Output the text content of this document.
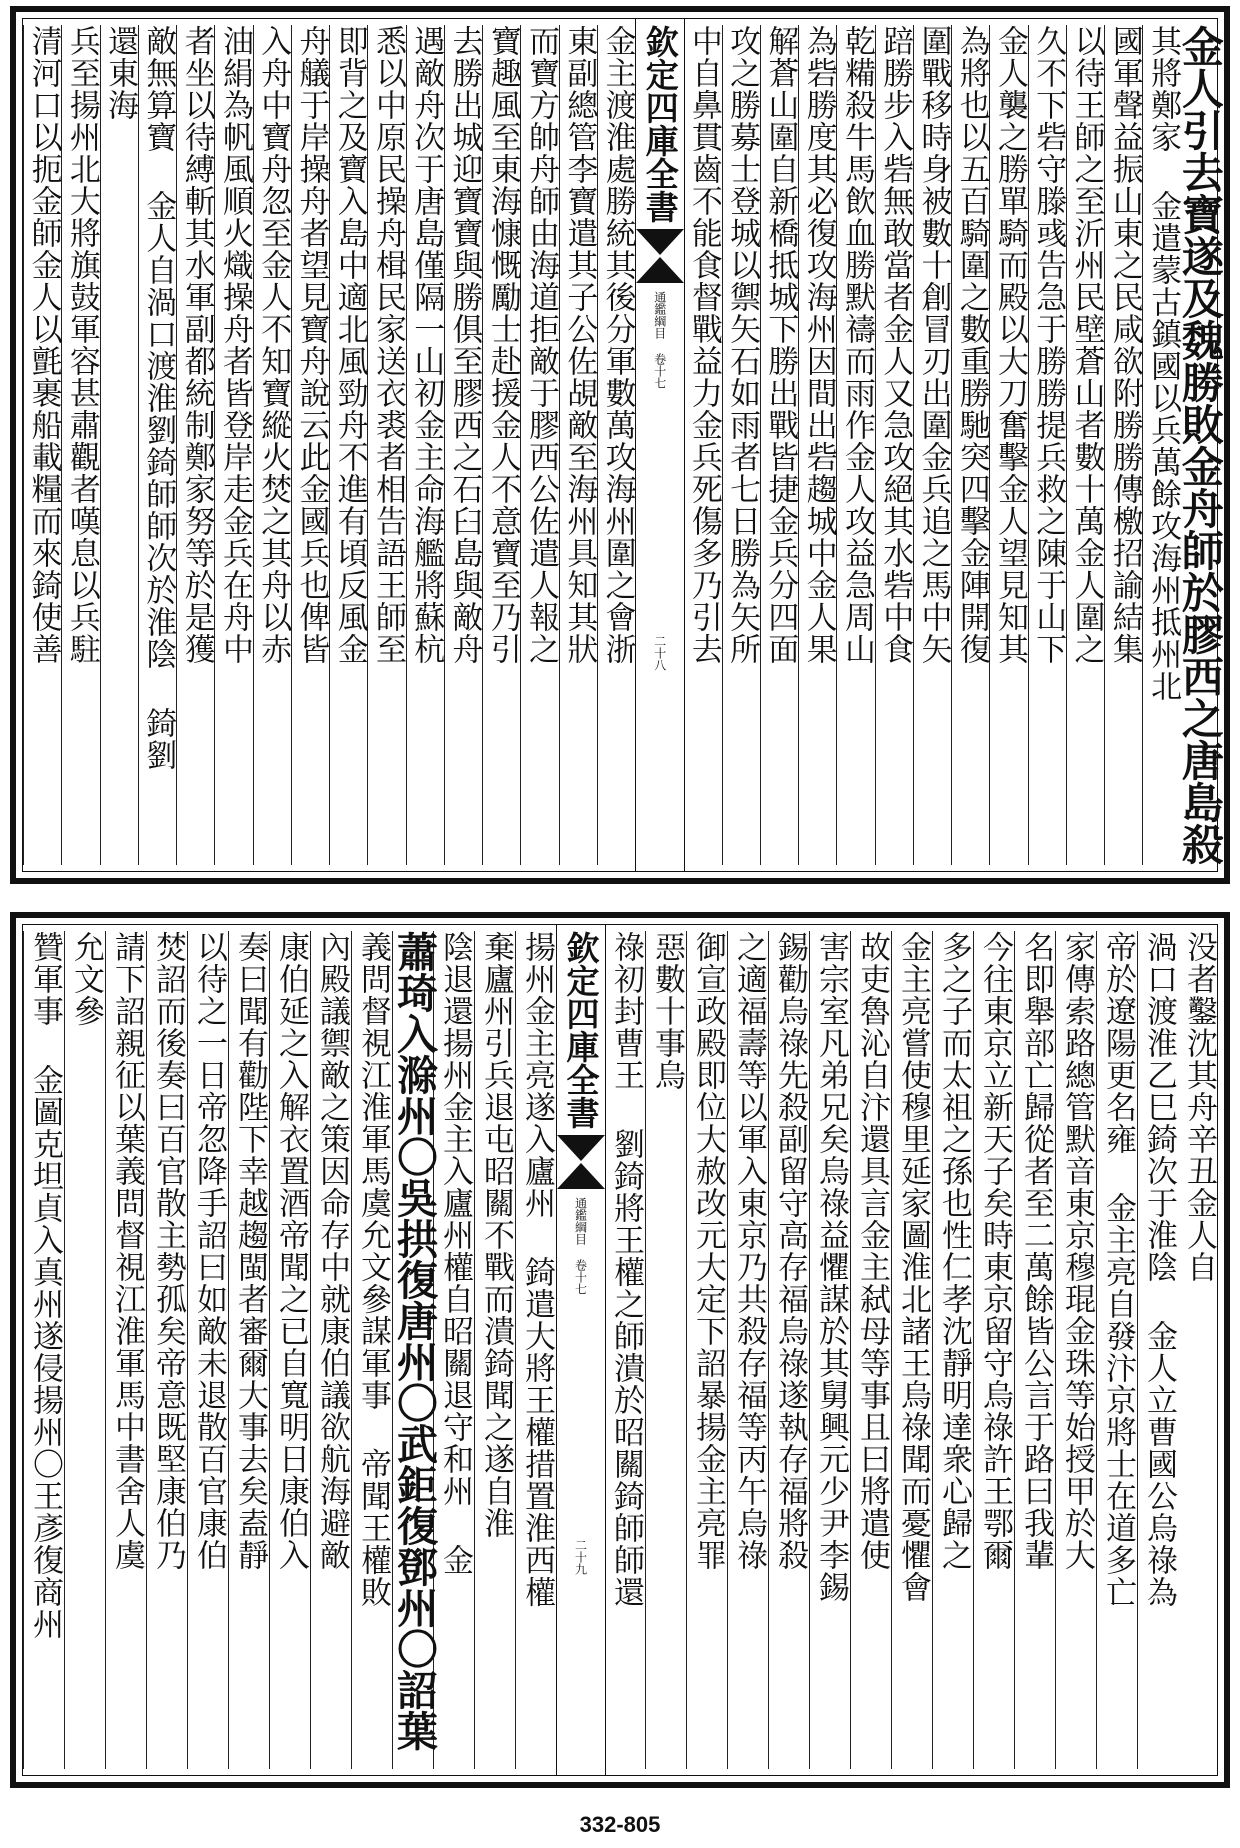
金人引去寶遂及魏勝敗金舟師於膠西之唐島殺
其將鄭家 金遣蒙古鎮國以兵萬餘攻海州抵州北
國軍聲益振山東之民咸欲附勝勝傳檄招諭結集
以待王師之至沂州民壁蒼山者數十萬金人圍之
久不下砦守滕彧告急于勝勝提兵救之陳于山下
金人襲之勝單騎而殿以大刀奮擊金人望見知其
為將也以五百騎圍之數重勝馳突四擊金陣開復
圍戰移時身被數十創冒刃出圍金兵追之馬中矢
踣勝步入砦無敢當者金人又急攻絕其水砦中食
乾糒殺牛馬飲血勝默禱而雨作金人攻益急周山
為砦勝度其必復攻海州因間出砦趨城中金人果
解蒼山圍自新橋抵城下勝出戰皆捷金兵分四面
攻之勝募士登城以禦矢石如雨者七日勝為矢所
中自鼻貫齒不能食督戰益力金兵死傷多乃引去
欽定四庫全書
通鑑綱目 卷十七
二十八
金主渡淮處勝統其後分軍數萬攻海州圍之會浙
東副總管李寶遣其子公佐覘敵至海州具知其狀
而寶方帥舟師由海道拒敵于膠西公佐遣人報之
寶趣風至東海慷慨勵士赴援金人不意寶至乃引
去勝出城迎寶寶與勝俱至膠西之石臼島與敵舟
遇敵舟次于唐島僅隔一山初金主命海艦將蘇杭
悉以中原民操舟楫民家送衣裘者相告語王師至
即背之及寶入島中適北風勁舟不進有頃反風金
舟艤于岸操舟者望見寶舟說云此金國兵也俾皆
入舟中寶舟忽至金人不知寶縱火焚之其舟以赤
油絹為帆風順火熾操舟者皆登岸走金兵在舟中
者坐以待縛斬其水軍副都統制鄭家努等於是獲
敵無算寶 金人自渦口渡淮劉錡師師次於淮陰 錡劉
還東海
兵至揚州北大將旗鼓軍容甚肅觀者嘆息以兵駐
清河口以扼金師金人以氈裹船載糧而來錡使善
没者鑿沈其舟辛丑金人自
渦口渡淮乙巳錡次于淮陰 金人立曹國公烏祿為
帝於遼陽更名雍 金主亮自發汴京將士在道多亡
家傳索路總管默音東京穆琨金珠等始授甲於大
名即舉部亡歸從者至二萬餘皆公言于路曰我輩
今往東京立新天子矣時東京留守烏祿許王鄂爾
多之子而太祖之孫也性仁孝沈靜明達衆心歸之
金主亮嘗使穆里延家圖淮北諸王烏祿聞而憂懼會
故吏魯沁自汴還具言金主弑母等事且曰將遣使
害宗室凡弟兄矣烏祿益懼謀於其舅興元少尹李錫
錫勸烏祿先殺副留守高存福烏祿遂執存福將殺
之適福壽等以軍入東京乃共殺存福等丙午烏祿
御宣政殿即位大赦改元大定下詔暴揚金主亮罪
惡數十事烏
祿初封曹王 劉錡將王權之師潰於昭關錡師師還
欽定四庫全書
通鑑綱目 卷十七
二十九
揚州金主亮遂入廬州 錡遣大將王權措置淮西權
棄廬州引兵退屯昭關不戰而潰錡聞之遂自淮
陰退還揚州金主入廬州權自昭關退守和州 金
蕭琦入滁州〇吳拱復唐州〇武鉅復鄧州〇詔葉
義問督視江淮軍馬虞允文參謀軍事 帝聞王權敗
內殿議禦敵之策因命存中就康伯議欲航海避敵
康伯延之入解衣置酒帝聞之已自寬明日康伯入
奏曰聞有勸陛下幸越趨閩者審爾大事去矣盍靜
以待之一日帝忽降手詔曰如敵未退散百官康伯
焚詔而後奏曰百官散主勢孤矣帝意既堅康伯乃
請下詔親征以葉義問督視江淮軍馬中書舍人虞
允文參
贊軍事 金圖克坦貞入真州遂侵揚州〇王彥復商州
332-805
